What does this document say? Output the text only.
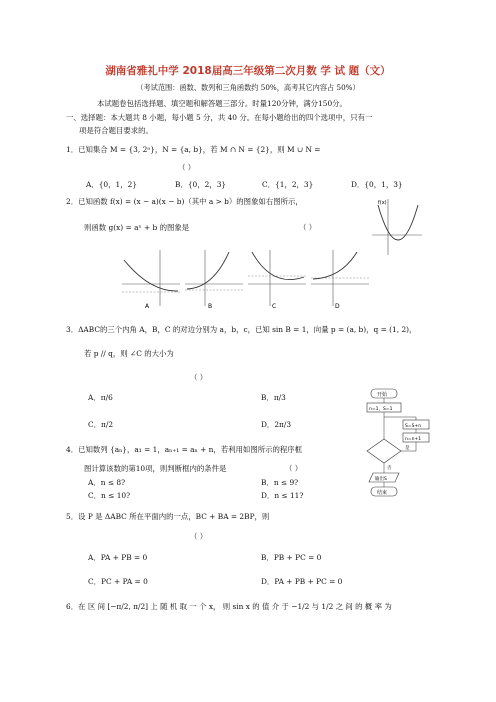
湖南省雅礼中学 2018届高三年级第二次月数 学 试 题（文）
（考试范围：函数、数列和三角函数约 50%，高考其它内容占 50%）
本试题卷包括选择题、填空题和解答题三部分。时量120分钟，满分150分。
一、选择题：本大题共 8 小题，每小题 5 分，共 40 分。在每小题给出的四个选项中，只有一
项是符合题目要求的。
1．已知集合 M = {3, 2ᵃ}，N = {a, b}，若 M ∩ N = {2}，则 M ∪ N =
（ ）
A．{0，1，2}	B．{0，2，3}	C．{1，2，3}	D．{0，1，3}
2．已知函数 f(x) = (x − a)(x − b)（其中 a > b）的图象如右图所示，
则函数 g(x) = aˣ + b 的图象是	（ ）
f(x)
A	B	C	D
3．ΔABC的三个内角 A，B，C 的对边分别为 a，b，c，已知 sin B = 1，向量 p = (a, b)，q = (1, 2)，
若 p // q，则 ∠C 的大小为
（ ）
A．π/6	B．π/3
C．π/2	D．2π/3
开始
n=1，S=1
S=S+n
n=n+1
是
否
输出S
结束
4．已知数列 {aₙ}，a₁ = 1，aₙ₊₁ = aₙ + n，若利用如图所示的程序框
图计算该数的第10项，则判断框内的条件是	（ ）
A．n ≤ 8?	B．n ≤ 9?
C．n ≤ 10?	D．n ≤ 11?
5．设 P 是 ΔABC 所在平面内的一点，BC + BA = 2BP，则
（ ）
A．PA + PB = 0	B．PB + PC = 0
C．PC + PA = 0	D．PA + PB + PC = 0
6．在 区 间 [−π/2, π/2] 上 随 机 取 一 个 x， 则 sin x 的 值 介 于 −1/2 与 1/2 之 间 的 概 率 为
